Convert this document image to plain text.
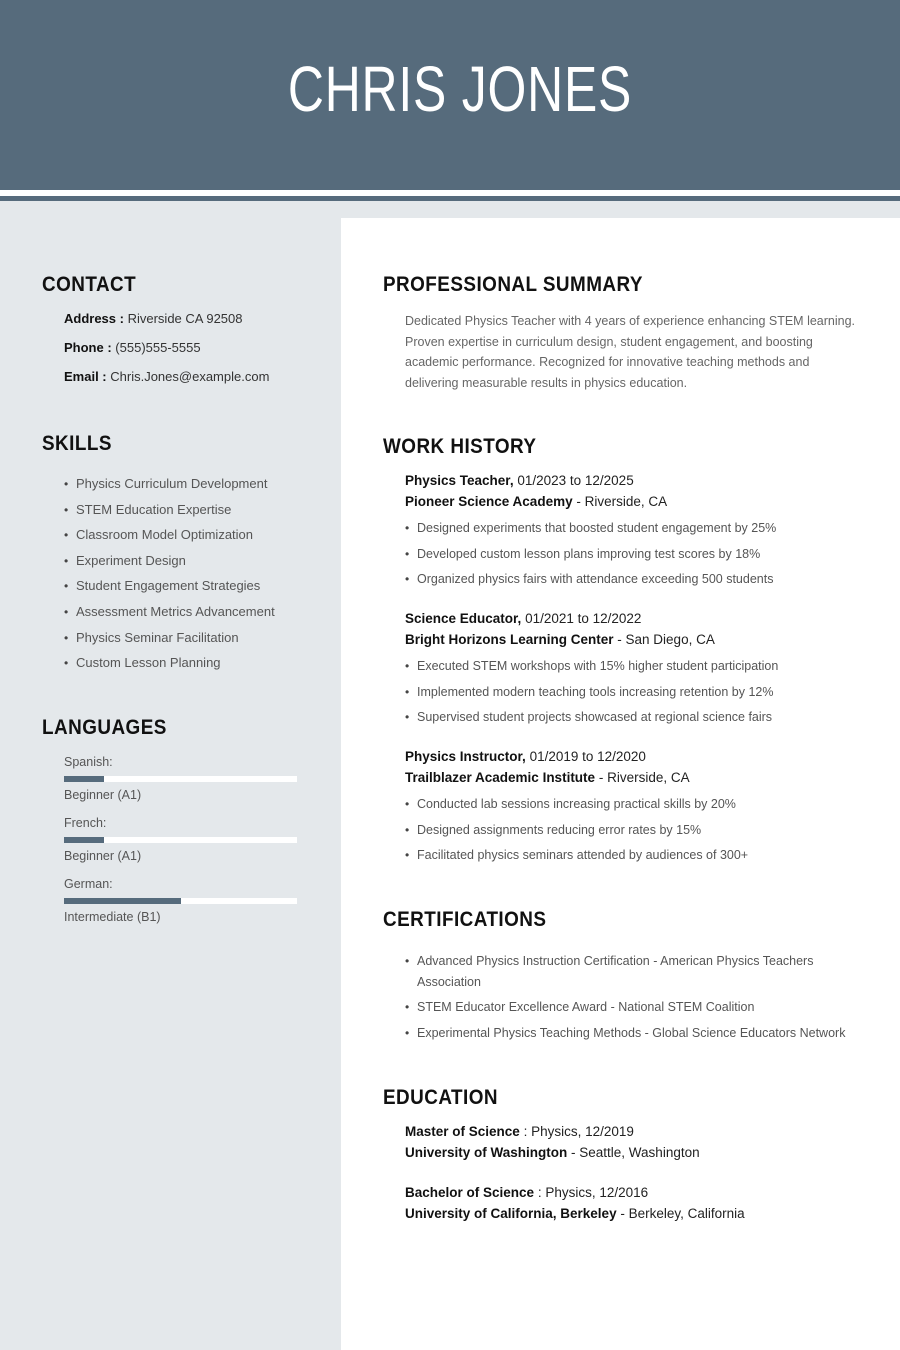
CHRIS JONES
CONTACT
Address : Riverside CA 92508
Phone : (555)555-5555
Email : Chris.Jones@example.com
SKILLS
• Physics Curriculum Development
• STEM Education Expertise
• Classroom Model Optimization
• Experiment Design
• Student Engagement Strategies
• Assessment Metrics Advancement
• Physics Seminar Facilitation
• Custom Lesson Planning
LANGUAGES
Spanish:
Beginner (A1)
French:
Beginner (A1)
German:
Intermediate (B1)
PROFESSIONAL SUMMARY

Dedicated Physics Teacher with 4 years of experience enhancing STEM learning. Proven expertise in curriculum design, student engagement, and boosting academic performance. Recognized for innovative teaching methods and delivering measurable results in physics education.

WORK HISTORY
Physics Teacher, 01/2023 to 12/2025
Pioneer Science Academy - Riverside, CA
• Designed experiments that boosted student engagement by 25%
• Developed custom lesson plans improving test scores by 18%
• Organized physics fairs with attendance exceeding 500 students
Science Educator, 01/2021 to 12/2022
Bright Horizons Learning Center - San Diego, CA
• Executed STEM workshops with 15% higher student participation
• Implemented modern teaching tools increasing retention by 12%
• Supervised student projects showcased at regional science fairs
Physics Instructor, 01/2019 to 12/2020
Trailblazer Academic Institute - Riverside, CA
• Conducted lab sessions increasing practical skills by 20%
• Designed assignments reducing error rates by 15%
• Facilitated physics seminars attended by audiences of 300+
CERTIFICATIONS
• Advanced Physics Instruction Certification - American Physics Teachers Association
• STEM Educator Excellence Award - National STEM Coalition
• Experimental Physics Teaching Methods - Global Science Educators Network
EDUCATION
Master of Science : Physics, 12/2019
University of Washington - Seattle, Washington
Bachelor of Science : Physics, 12/2016
University of California, Berkeley - Berkeley, California
